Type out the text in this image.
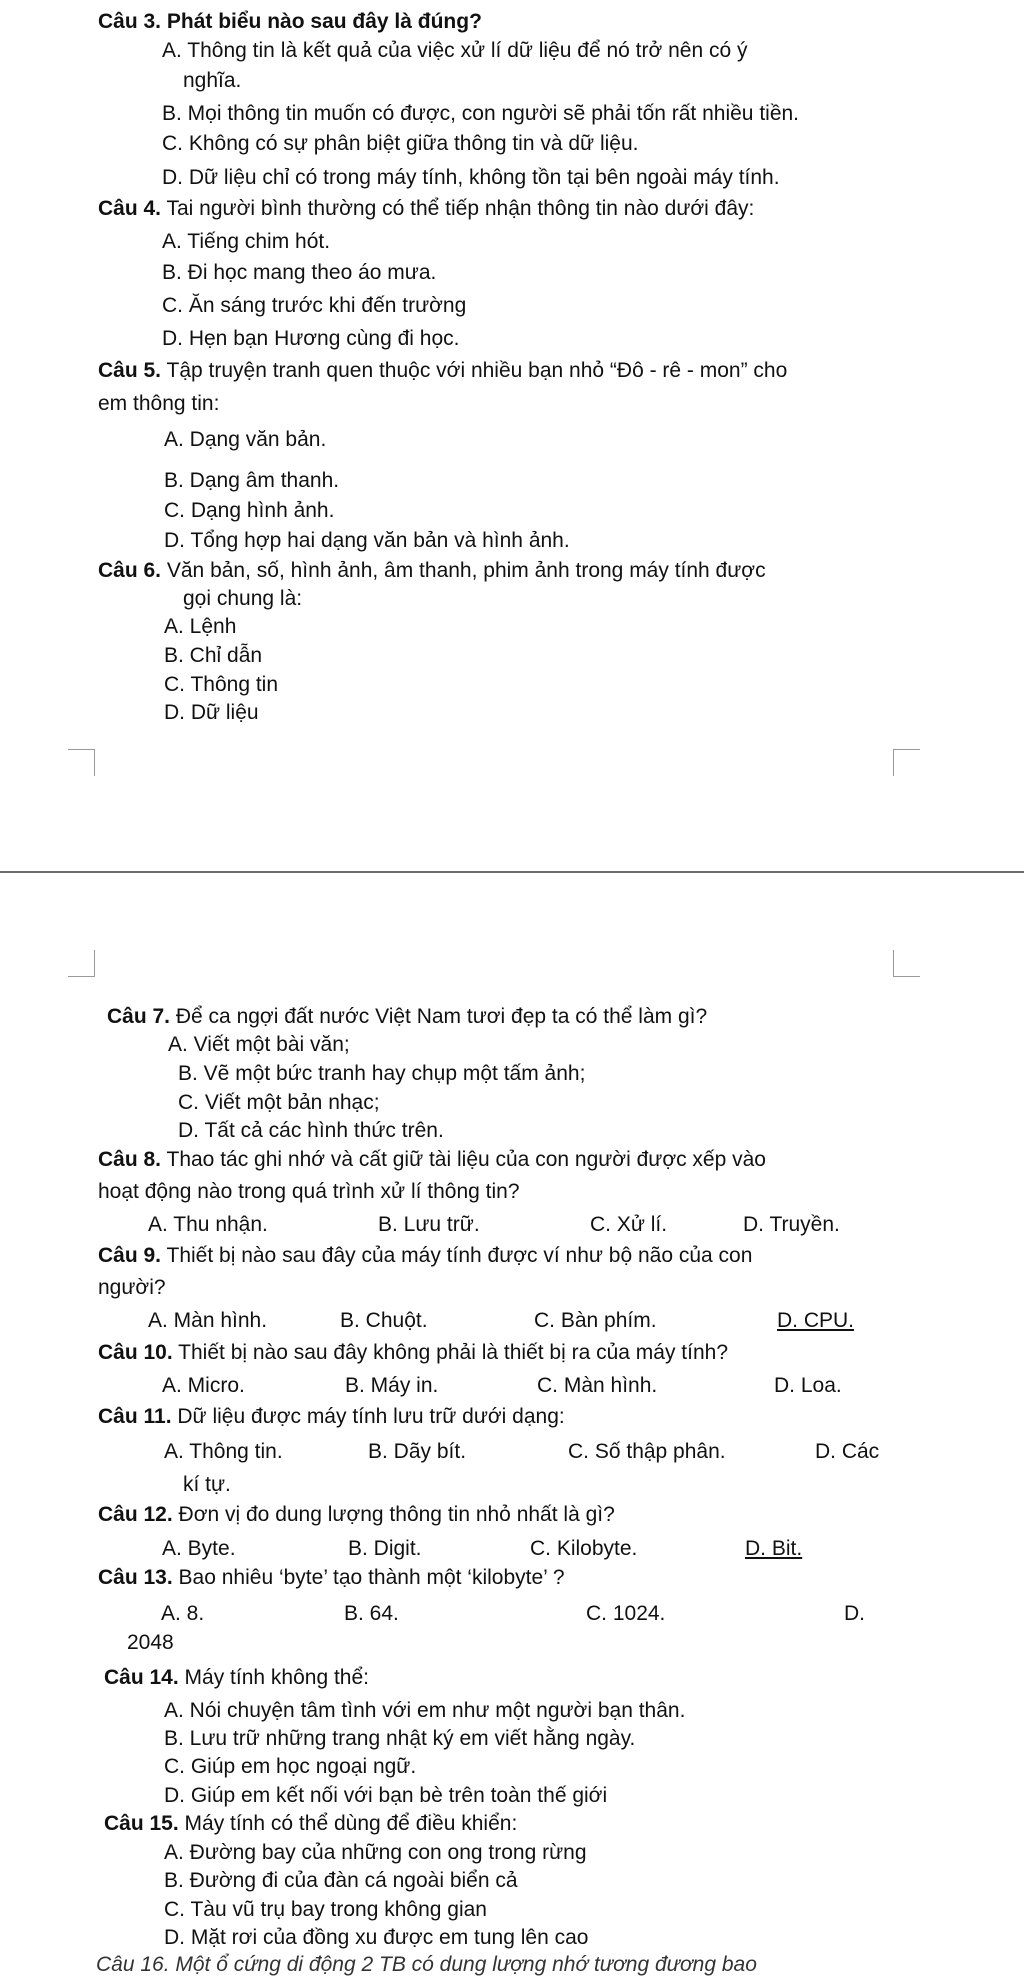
Câu 3. Phát biểu nào sau đây là đúng?
A. Thông tin là kết quả của việc xử lí dữ liệu để nó trở nên có ý
nghĩa.
B. Mọi thông tin muốn có được, con người sẽ phải tốn rất nhiều tiền.
C. Không có sự phân biệt giữa thông tin và dữ liệu.
D. Dữ liệu chỉ có trong máy tính, không tồn tại bên ngoài máy tính.
Câu 4. Tai người bình thường có thể tiếp nhận thông tin nào dưới đây:
A. Tiếng chim hót.
B. Đi học mang theo áo mưa.
C. Ăn sáng trước khi đến trường
D. Hẹn bạn Hương cùng đi học.
Câu 5. Tập truyện tranh quen thuộc với nhiều bạn nhỏ “Đô - rê - mon” cho
em thông tin:
A. Dạng văn bản.
B. Dạng âm thanh.
C. Dạng hình ảnh.
D. Tổng hợp hai dạng văn bản và hình ảnh.
Câu 6. Văn bản, số, hình ảnh, âm thanh, phim ảnh trong máy tính được
gọi chung là:
A. Lệnh
B. Chỉ dẫn
C. Thông tin
D. Dữ liệu
Câu 7. Để ca ngợi đất nước Việt Nam tươi đẹp ta có thể làm gì?
A. Viết một bài văn;
B. Vẽ một bức tranh hay chụp một tấm ảnh;
C. Viết một bản nhạc;
D. Tất cả các hình thức trên.
Câu 8. Thao tác ghi nhớ và cất giữ tài liệu của con người được xếp vào
hoạt động nào trong quá trình xử lí thông tin?
A. Thu nhận.	B. Lưu trữ.	C. Xử lí.	D. Truyền.
Câu 9. Thiết bị nào sau đây của máy tính được ví như bộ não của con
người?
A. Màn hình.	B. Chuột.	C. Bàn phím.	D. CPU.
Câu 10. Thiết bị nào sau đây không phải là thiết bị ra của máy tính?
A. Micro.	B. Máy in.	C. Màn hình.	D. Loa.
Câu 11. Dữ liệu được máy tính lưu trữ dưới dạng:
A. Thông tin.	B. Dãy bít.	C. Số thập phân.	D. Các
kí tự.
Câu 12. Đơn vị đo dung lượng thông tin nhỏ nhất là gì?
A. Byte.	B. Digit.	C. Kilobyte.	D. Bit.
Câu 13. Bao nhiêu ‘byte’ tạo thành một ‘kilobyte’ ?
A. 8.	B. 64.	C. 1024.	D.
2048
Câu 14. Máy tính không thể:
A. Nói chuyện tâm tình với em như một người bạn thân.
B. Lưu trữ những trang nhật ký em viết hằng ngày.
C. Giúp em học ngoại ngữ.
D. Giúp em kết nối với bạn bè trên toàn thế giới
Câu 15. Máy tính có thể dùng để điều khiển:
A. Đường bay của những con ong trong rừng
B. Đường đi của đàn cá ngoài biển cả
C. Tàu vũ trụ bay trong không gian
D. Mặt rơi của đồng xu được em tung lên cao
Câu 16. Một ổ cứng di động 2 TB có dung lượng nhớ tương đương bao
